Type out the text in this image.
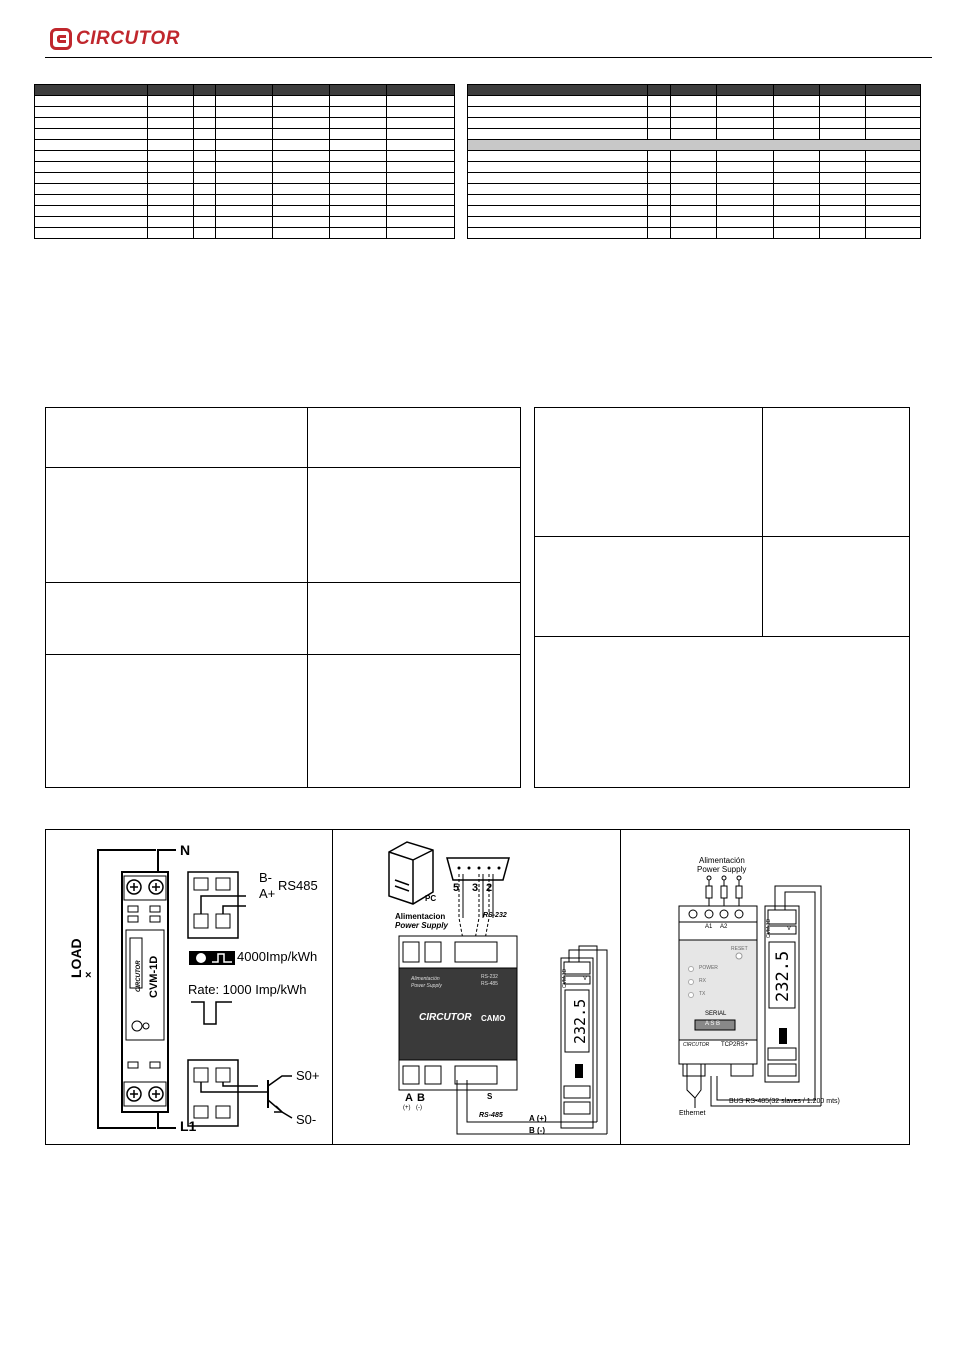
CIRCUTOR

×
N
L1
LOAD	CVM-1D
CIRCUTOR
B-
A+
RS485
4000Imp/kWh
Rate: 1000 Imp/kWh
S0+
S0-
PC
5 3 2
RS-232
Alimentacion
Power Supply
Alimentación
Power Supply
RS-232
RS-485
CIRCUTOR CAMO
A B
(+) (-)
S
RS-485	A (+)
B (-)
V
232.5
CVM-1D
Alimentación
Power Supply
A1 A2
RESET
POWER
RX
TX
SERIAL
A S B
CIRCUTOR TCP2RS+
Ethernet
BUS RS-485(32 slaves / 1.200 mts)
V
232.5
CVM-1D
